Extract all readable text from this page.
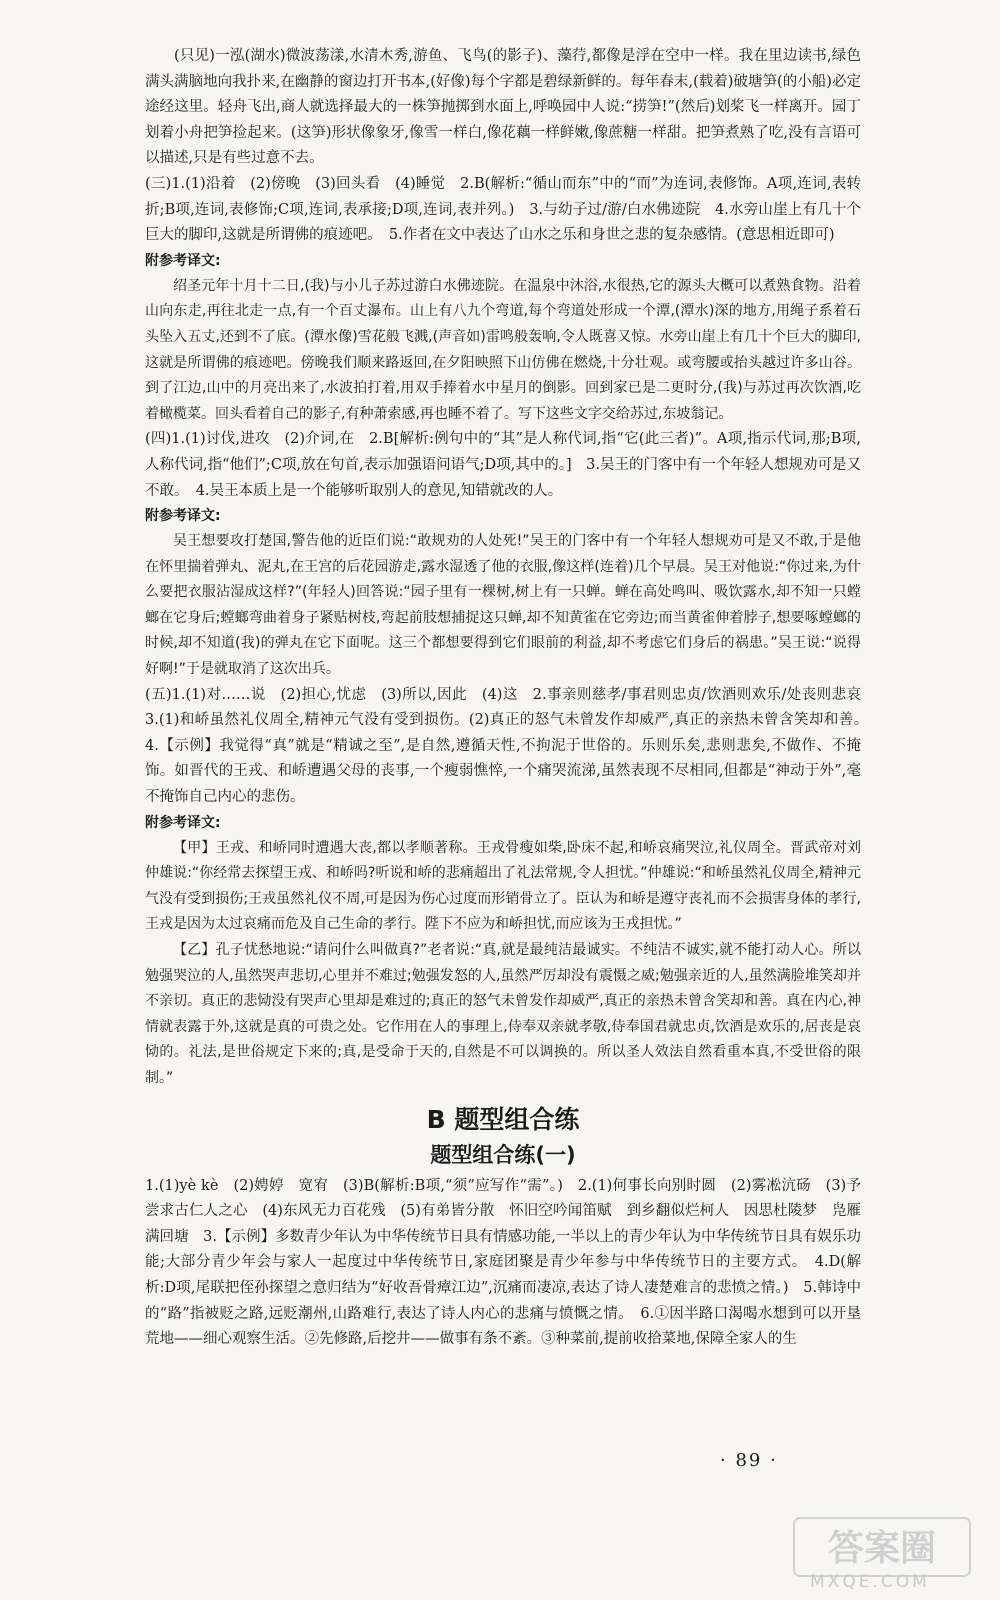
(只见)一泓(湖水)微波荡漾,水清木秀,游鱼、飞鸟(的影子)、藻荇,都像是浮在空中一样。我在里边读书,绿色满头满脑地向我扑来,在幽静的窗边打开书本,(好像)每个字都是碧绿新鲜的。每年春末,(载着)破塘笋(的小船)必定途经这里。轻舟飞出,商人就选择最大的一株笋抛掷到水面上,呼唤园中人说:“捞笋!”(然后)划桨飞一样离开。园丁划着小舟把笋捡起来。(这笋)形状像象牙,像雪一样白,像花藕一样鲜嫩,像蔗糖一样甜。把笋煮熟了吃,没有言语可以描述,只是有些过意不去。

(三)1.(1)沿着　(2)傍晚　(3)回头看　(4)睡觉　2.B(解析:“循山而东”中的“而”为连词,表修饰。A项,连词,表转折;B项,连词,表修饰;C项,连词,表承接;D项,连词,表并列。)　3.与幼子过/游/白水佛迹院　4.水旁山崖上有几十个巨大的脚印,这就是所谓佛的痕迹吧。　5.作者在文中表达了山水之乐和身世之悲的复杂感情。(意思相近即可)

附参考译文:

绍圣元年十月十二日,(我)与小儿子苏过游白水佛迹院。在温泉中沐浴,水很热,它的源头大概可以煮熟食物。沿着山向东走,再往北走一点,有一个百丈瀑布。山上有八九个弯道,每个弯道处形成一个潭,(潭水)深的地方,用绳子系着石头坠入五丈,还到不了底。(潭水像)雪花般飞溅,(声音如)雷鸣般轰响,令人既喜又惊。水旁山崖上有几十个巨大的脚印,这就是所谓佛的痕迹吧。傍晚我们顺来路返回,在夕阳映照下山仿佛在燃烧,十分壮观。或弯腰或抬头越过许多山谷。到了江边,山中的月亮出来了,水波拍打着,用双手捧着水中星月的倒影。回到家已是二更时分,(我)与苏过再次饮酒,吃着橄榄菜。回头看着自己的影子,有种萧索感,再也睡不着了。写下这些文字交给苏过,东坡翁记。

(四)1.(1)讨伐,进攻　(2)介词,在　2.B[解析:例句中的“其”是人称代词,指“它(此三者)”。A项,指示代词,那;B项,人称代词,指“他们”;C项,放在句首,表示加强语问语气;D项,其中的。]　3.吴王的门客中有一个年轻人想规劝可是又不敢。　4.吴王本质上是一个能够听取别人的意见,知错就改的人。

附参考译文:

吴王想要攻打楚国,警告他的近臣们说:“敢规劝的人处死!”吴王的门客中有一个年轻人想规劝可是又不敢,于是他在怀里揣着弹丸、泥丸,在王宫的后花园游走,露水湿透了他的衣服,像这样(连着)几个早晨。吴王对他说:“你过来,为什么要把衣服沾湿成这样?”(年轻人)回答说:“园子里有一棵树,树上有一只蝉。蝉在高处鸣叫、吸饮露水,却不知一只螳螂在它身后;螳螂弯曲着身子紧贴树枝,弯起前肢想捕捉这只蝉,却不知黄雀在它旁边;而当黄雀伸着脖子,想要啄螳螂的时候,却不知道(我)的弹丸在它下面呢。这三个都想要得到它们眼前的利益,却不考虑它们身后的祸患。”吴王说:“说得好啊!”于是就取消了这次出兵。

(五)1.(1)对……说　(2)担心,忧虑　(3)所以,因此　(4)这　2.事亲则慈孝/事君则忠贞/饮酒则欢乐/处丧则悲哀　3.(1)和峤虽然礼仪周全,精神元气没有受到损伤。(2)真正的怒气未曾发作却威严,真正的亲热未曾含笑却和善。　4.【示例】我觉得“真”就是“精诚之至”,是自然,遵循天性,不拘泥于世俗的。乐则乐矣,悲则悲矣,不做作、不掩饰。如晋代的王戎、和峤遭遇父母的丧事,一个瘦弱憔悴,一个痛哭流涕,虽然表现不尽相同,但都是“神动于外”,毫不掩饰自己内心的悲伤。

附参考译文:

【甲】王戎、和峤同时遭遇大丧,都以孝顺著称。王戎骨瘦如柴,卧床不起,和峤哀痛哭泣,礼仪周全。晋武帝对刘仲雄说:“你经常去探望王戎、和峤吗?听说和峤的悲痛超出了礼法常规,令人担忧。”仲雄说:“和峤虽然礼仪周全,精神元气没有受到损伤;王戎虽然礼仪不周,可是因为伤心过度而形销骨立了。臣认为和峤是遵守丧礼而不会损害身体的孝行,王戎是因为太过哀痛而危及自己生命的孝行。陛下不应为和峤担忧,而应该为王戎担忧。”

【乙】孔子忧愁地说:“请问什么叫做真?”老者说:“真,就是最纯洁最诚实。不纯洁不诚实,就不能打动人心。所以勉强哭泣的人,虽然哭声悲切,心里并不难过;勉强发怒的人,虽然严厉却没有震慑之威;勉强亲近的人,虽然满脸堆笑却并不亲切。真正的悲恸没有哭声心里却是难过的;真正的怒气未曾发作却威严,真正的亲热未曾含笑却和善。真在内心,神情就表露于外,这就是真的可贵之处。它作用在人的事理上,侍奉双亲就孝敬,侍奉国君就忠贞,饮酒是欢乐的,居丧是哀恸的。礼法,是世俗规定下来的;真,是受命于天的,自然是不可以调换的。所以圣人效法自然看重本真,不受世俗的限制。”

B 题型组合练
题型组合练(一)

1.(1)yè kè　(2)娉婷　宽宥　(3)B(解析:B项,“须”应写作“需”。)　2.(1)何事长向别时圆　(2)雾凇沆砀　(3)予尝求古仁人之心　(4)东风无力百花残　(5)有弟皆分散　怀旧空吟闻笛赋　到乡翻似烂柯人　因思杜陵梦　凫雁满回塘　3.【示例】多数青少年认为中华传统节日具有情感功能,一半以上的青少年认为中华传统节日具有娱乐功能;大部分青少年会与家人一起度过中华传统节日,家庭团聚是青少年参与中华传统节日的主要方式。　4.D(解析:D项,尾联把侄孙探望之意归结为“好收吾骨瘴江边”,沉痛而凄凉,表达了诗人凄楚难言的悲愤之情。)　5.韩诗中的“路”指被贬之路,远贬潮州,山路难行,表达了诗人内心的悲痛与愤慨之情。　6.①因半路口渴喝水想到可以开垦荒地——细心观察生活。②先修路,后挖井——做事有条不紊。③种菜前,提前收拾菜地,保障全家人的生

· 89 ·
答案圈
MXQE.COM
